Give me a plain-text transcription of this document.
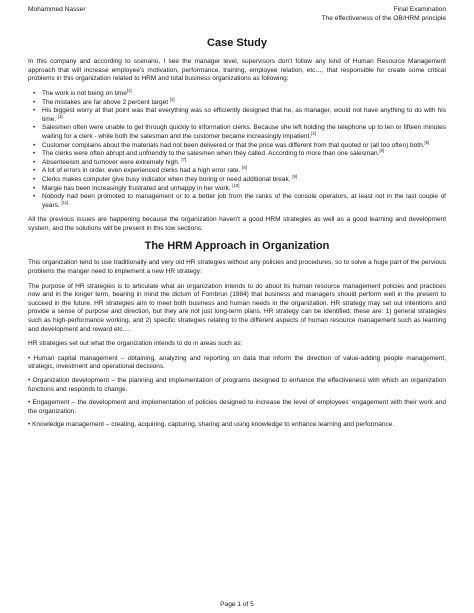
Mohammed Nasser	Final Examination
The effectiveness of the OB/HRM principle
Case Study

In this company and according to scenario, I see the manager level, supervisors don't follow any kind of Human Resource Management approach that will increase employee's motivation, performance, training, employee relation, etc…, that responsible for create some critical problems in this organization related to HRM and total business organizations as following:

• The work is not being on time[1]
• The mistakes are far above 2 percent target [2]
• His biggest worry at that point was that everything was so efficiently designed that he, as manager, would not have anything to do with his time. [3]
• Salesmen often were unable to get through quickly to information clerks. Because she left holding the telephone up to ten or fifteen minutes waiting for a clerk - while both the salesman and the customer became increasingly impatient.[4]
• Customer complains about the materials had not been delivered or that the price was different from that quoted or (all too often) both.[5]
• The clerks were often abrupt and unfriendly to the salesmen when they called. According to more than one salesman.[6]
• Absenteeism and turnover were extremely high. [7]
• A lot of errors in order, even experienced clerks had a high error rate. [8]
• Clerks makes computer give busy indicator when they boring or need additional break. [9]
• Margie has been increasingly frustrated and unhappy in her work. [10]
• Nobody had been promoted to management or to a better job from the ranks of the console operators, at least not in the last couple of years. [11]

All the previous issues are happening because the organization haven't a good HRM strategies as well as a good learning and development system, and the solutions will be present in this tow sections:

The HRM Approach in Organization

This organization tend to use traditionally and very old HR strategies without any policies and procedures, so to solve a huge part of the pervious problems the manger need to implement a new HR strategy:

The purpose of HR strategies is to articulate what an organization intends to do about its human resource management policies and practices now and in the longer term, bearing in mind the dictum of Fombrun (1984) that business and managers should perform well in the present to succeed in the future. HR strategies aim to meet both business and human needs in the organization. HR strategy may set out intentions and provide a sense of purpose and direction, but they are not just long-term plans. HR strategy can be identified; these are: 1) general strategies such as high-performance working, and 2) specific strategies relating to the different aspects of human resource management such as learning and development and reward etc….

HR strategies set out what the organization intends to do in areas such as:

• Human capital management – obtaining, analyzing and reporting on data that inform the direction of value-adding people management, strategic, investment and operational decisions.

• Organization development – the planning and implementation of programs designed to enhance the effectiveness with which an organization functions and responds to change.

• Engagement – the development and implementation of policies designed to increase the level of employees' engagement with their work and the organization.

• Knowledge management – creating, acquiring, capturing, sharing and using knowledge to enhance learning and performance.

Page 1 of 5
